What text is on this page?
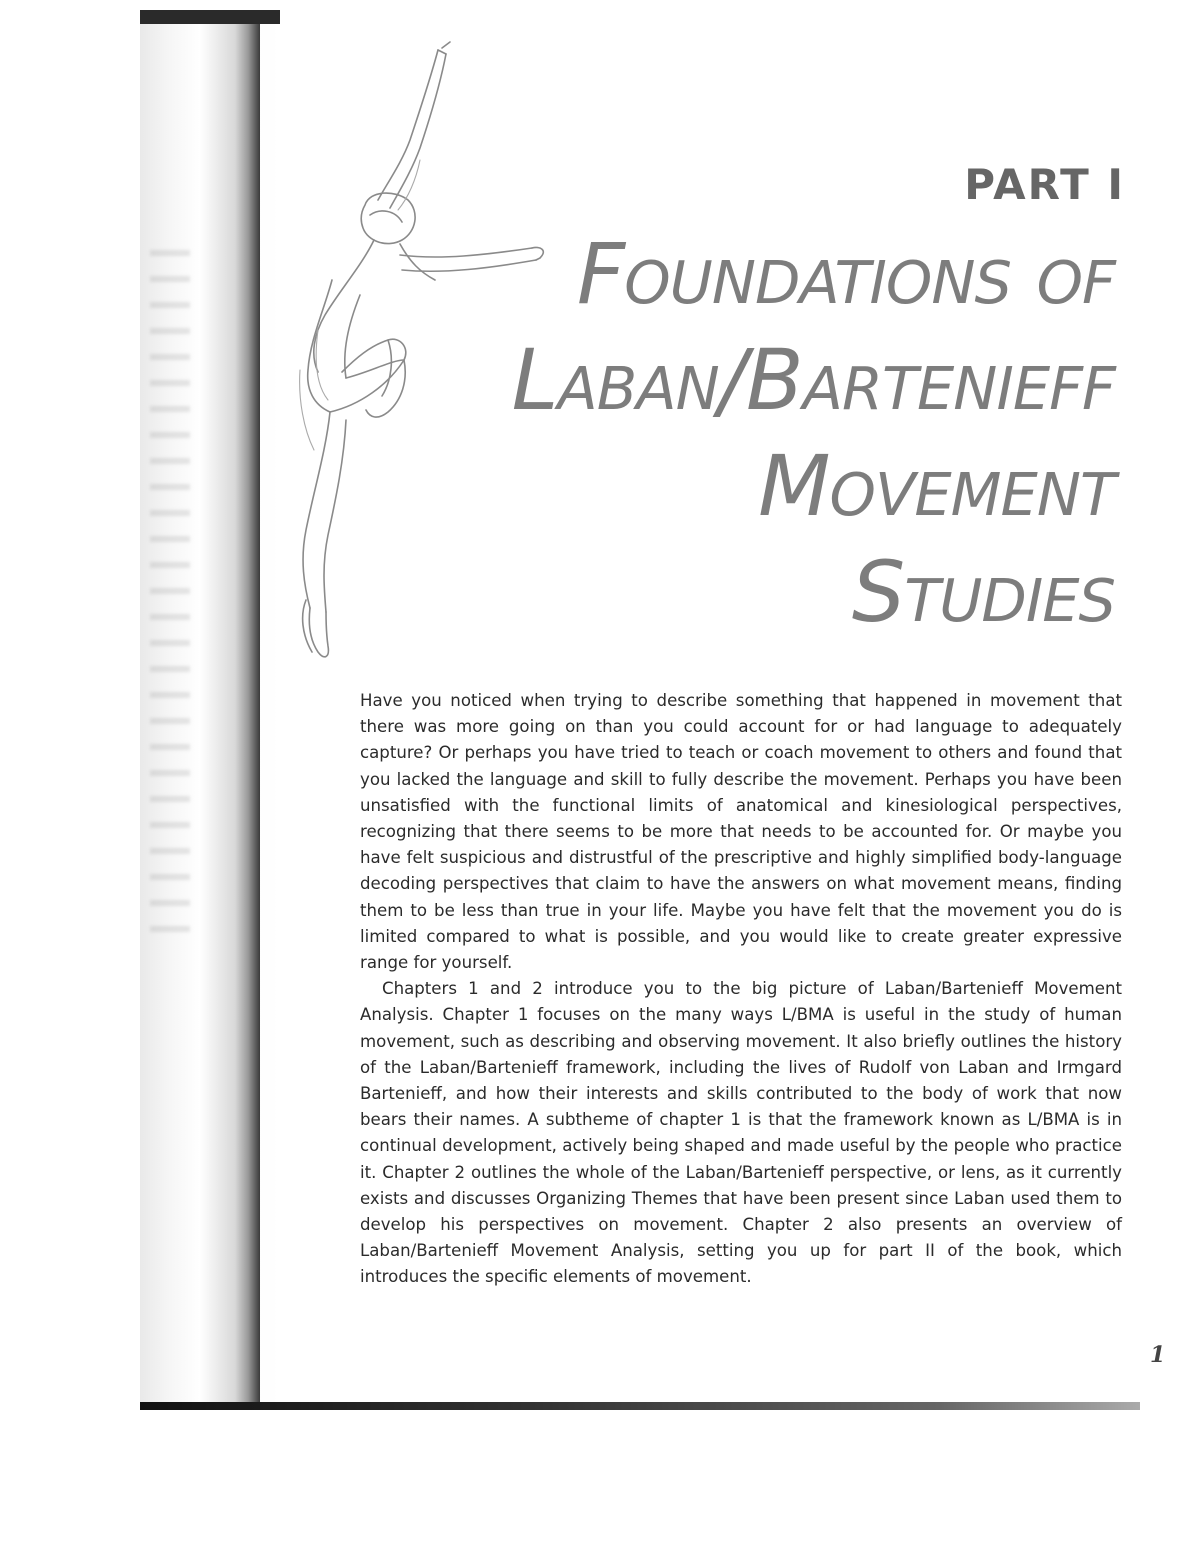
PART I
Foundations of
Laban/Bartenieff
Movement
Studies

Have you noticed when trying to describe something that happened in movement that there was more going on than you could account for or had language to adequately capture? Or perhaps you have tried to teach or coach movement to others and found that you lacked the language and skill to fully describe the movement. Perhaps you have been unsatisfied with the functional limits of anatomical and kinesiological perspectives, recognizing that there seems to be more that needs to be accounted for. Or maybe you have felt suspicious and distrustful of the prescriptive and highly simplified body-language decoding perspectives that claim to have the answers on what movement means, finding them to be less than true in your life. Maybe you have felt that the movement you do is limited compared to what is possible, and you would like to create greater expressive range for yourself.

Chapters 1 and 2 introduce you to the big picture of Laban/Bartenieff Movement Analysis. Chapter 1 focuses on the many ways L/BMA is useful in the study of human movement, such as describing and observing movement. It also briefly outlines the history of the Laban/Bartenieff framework, including the lives of Rudolf von Laban and Irmgard Bartenieff, and how their interests and skills contributed to the body of work that now bears their names. A subtheme of chapter 1 is that the framework known as L/BMA is in continual development, actively being shaped and made useful by the people who practice it. Chapter 2 outlines the whole of the Laban/Bartenieff perspective, or lens, as it currently exists and discusses Organizing Themes that have been present since Laban used them to develop his perspectives on movement. Chapter 2 also presents an overview of Laban/Bartenieff Movement Analysis, setting you up for part II of the book, which introduces the specific elements of movement.

1
